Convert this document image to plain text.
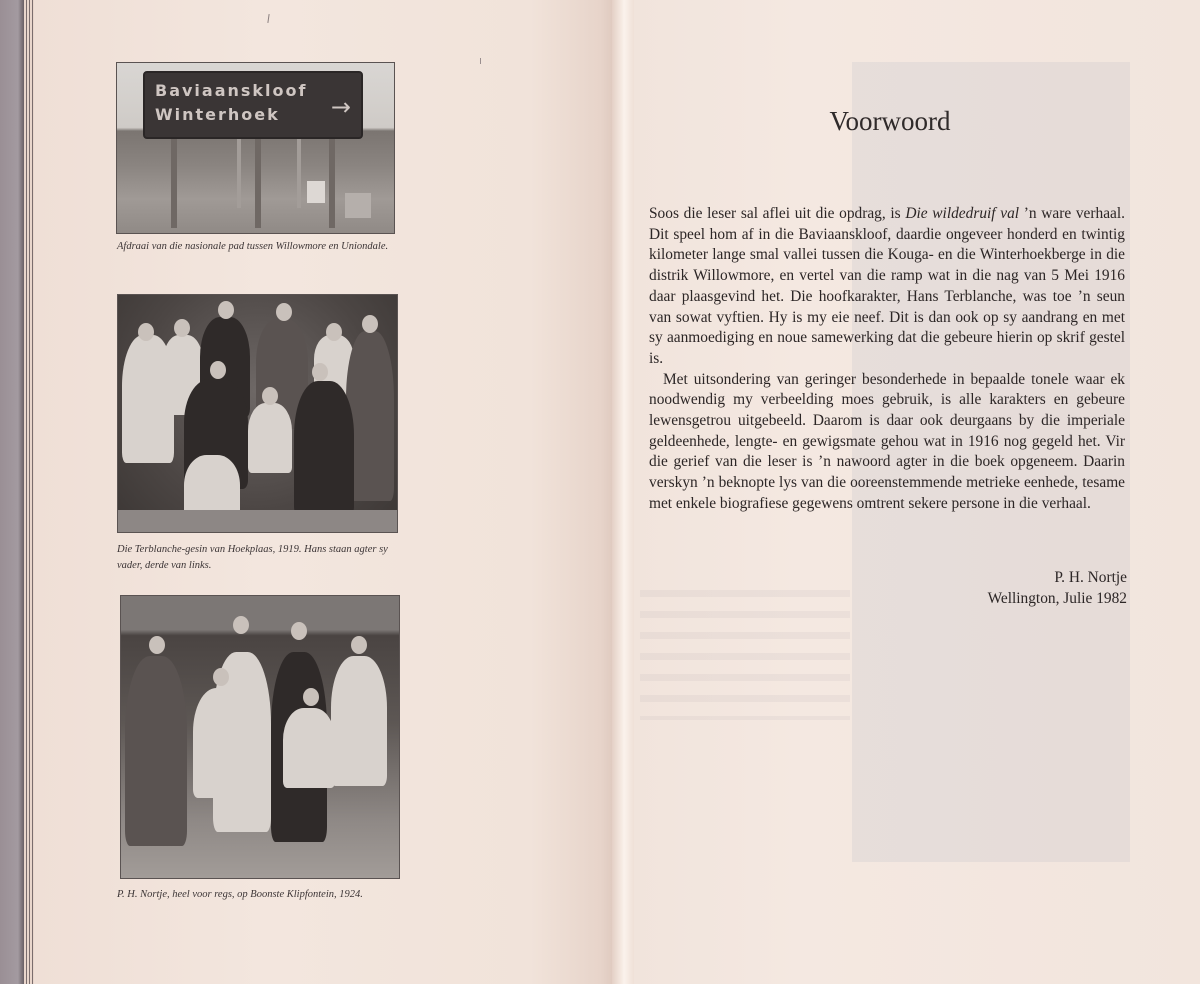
Baviaanskloof
Winterhoek →
Afdraai van die nasionale pad tussen Willowmore en Uniondale.
Die Terblanche-gesin van Hoekplaas, 1919. Hans staan agter sy vader, derde van links.
P. H. Nortje, heel voor regs, op Boonste Klipfontein, 1924.
Voorwoord

Soos die leser sal aflei uit die opdrag, is Die wildedruif val ’n ware verhaal. Dit speel hom af in die Baviaanskloof, daardie ongeveer honderd en twintig kilometer lange smal vallei tussen die Kouga- en die Winterhoekberge in die distrik Willowmore, en vertel van die ramp wat in die nag van 5 Mei 1916 daar plaasgevind het. Die hoofkarakter, Hans Terblanche, was toe ’n seun van sowat vyftien. Hy is my eie neef. Dit is dan ook op sy aandrang en met sy aanmoediging en noue samewerking dat die gebeure hierin op skrif gestel is.

Met uitsondering van geringer besonderhede in bepaalde tonele waar ek noodwendig my verbeelding moes gebruik, is alle karakters en gebeure lewensgetrou uitgebeeld. Daarom is daar ook deurgaans by die imperiale geldeenhede, lengte- en gewigsmate gehou wat in 1916 nog gegeld het. Vir die gerief van die leser is ’n nawoord agter in die boek opgeneem. Daarin verskyn ’n beknopte lys van die ooreenstemmende metrieke eenhede, tesame met enkele biografiese gegewens omtrent sekere persone in die verhaal.

P. H. Nortje
Wellington, Julie 1982
